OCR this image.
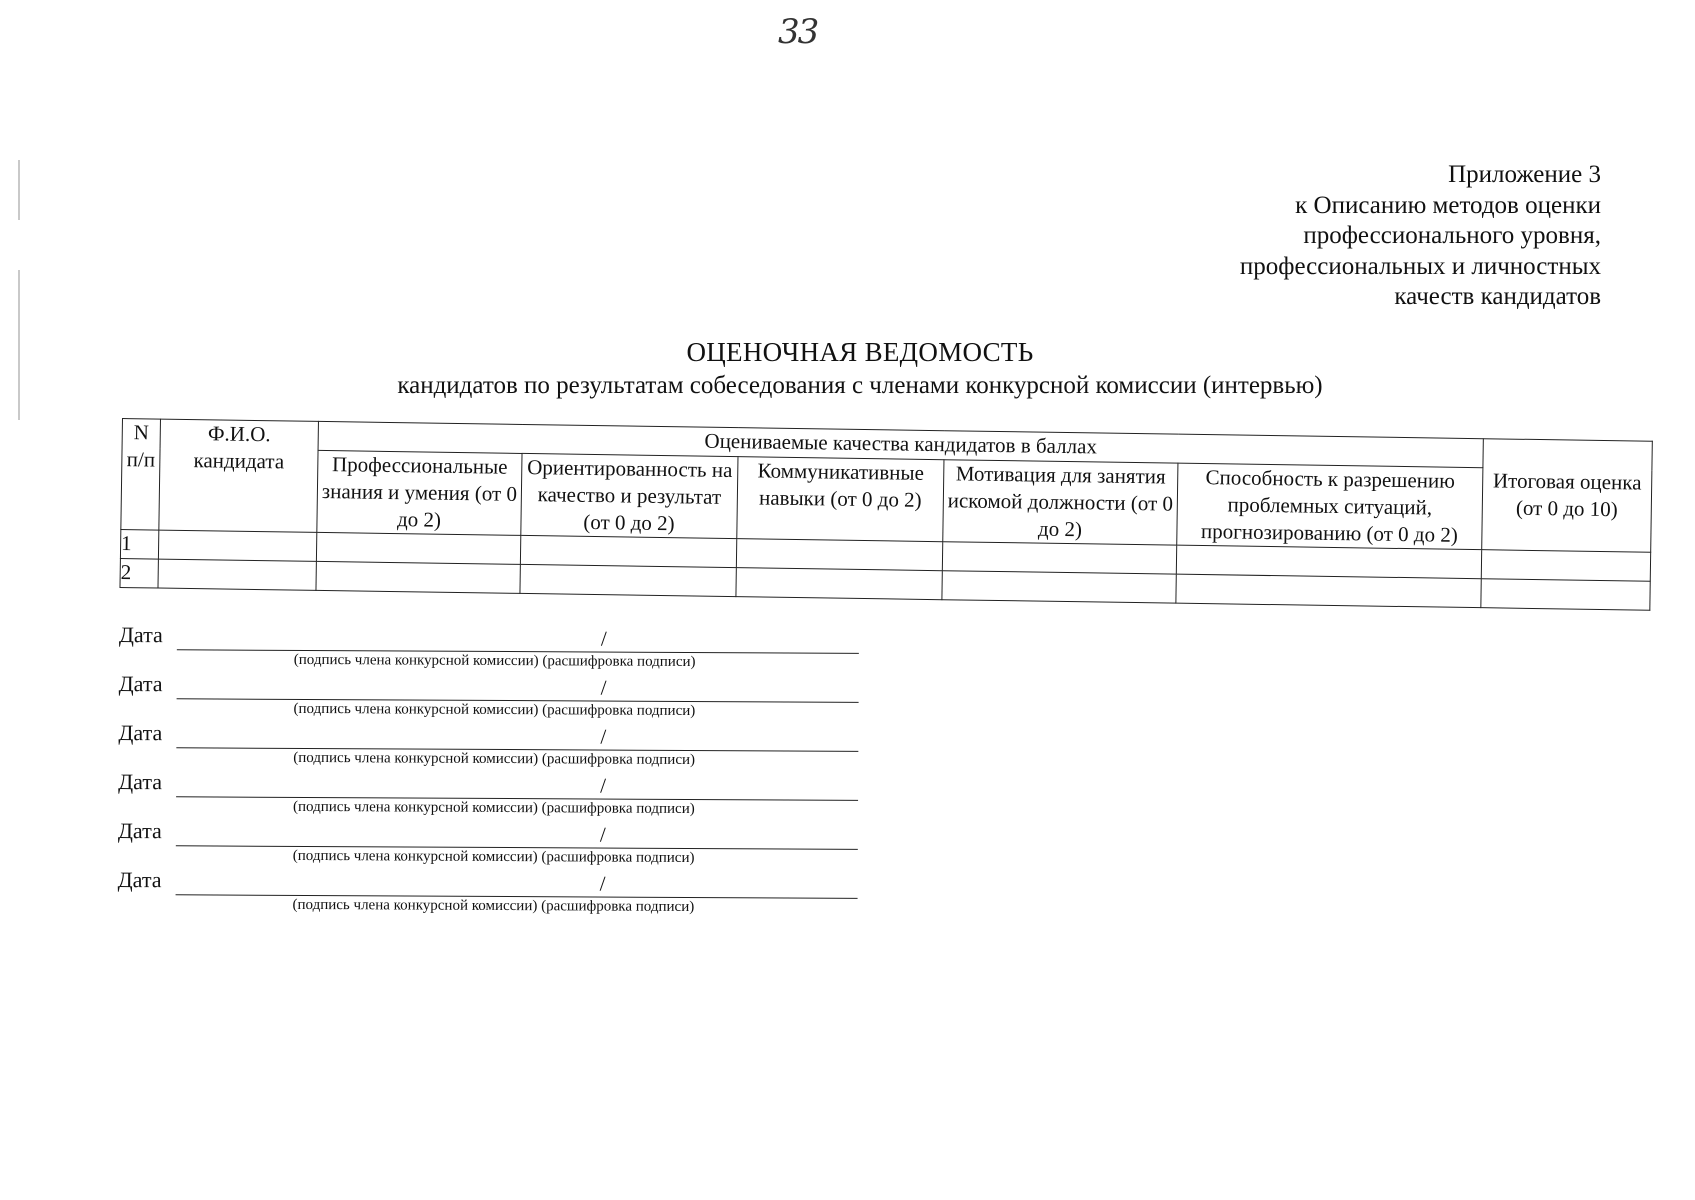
33
Приложение 3
к Описанию методов оценки
профессионального уровня,
профессиональных и личностных
качеств кандидатов
ОЦЕНОЧНАЯ ВЕДОМОСТЬ
кандидатов по результатам собеседования с членами конкурсной комиссии (интервью)
N п/п	Ф.И.О. кандидата	Оцениваемые качества кандидатов в баллах					Итоговая оценка (от 0 до 10)
		Профессиональные знания и умения (от 0 до 2)	Ориентированность на качество и результат (от 0 до 2)	Коммуникативные навыки (от 0 до 2)	Мотивация для занятия искомой должности (от 0 до 2)	Способность к разрешению проблемных ситуаций, прогнозированию (от 0 до 2)	
1							
2							
Дата	/
(подпись члена конкурсной комиссии) (расшифровка подписи)
Дата	/
(подпись члена конкурсной комиссии) (расшифровка подписи)
Дата	/
(подпись члена конкурсной комиссии) (расшифровка подписи)
Дата	/
(подпись члена конкурсной комиссии) (расшифровка подписи)
Дата	/
(подпись члена конкурсной комиссии) (расшифровка подписи)
Дата	/
(подпись члена конкурсной комиссии) (расшифровка подписи)
